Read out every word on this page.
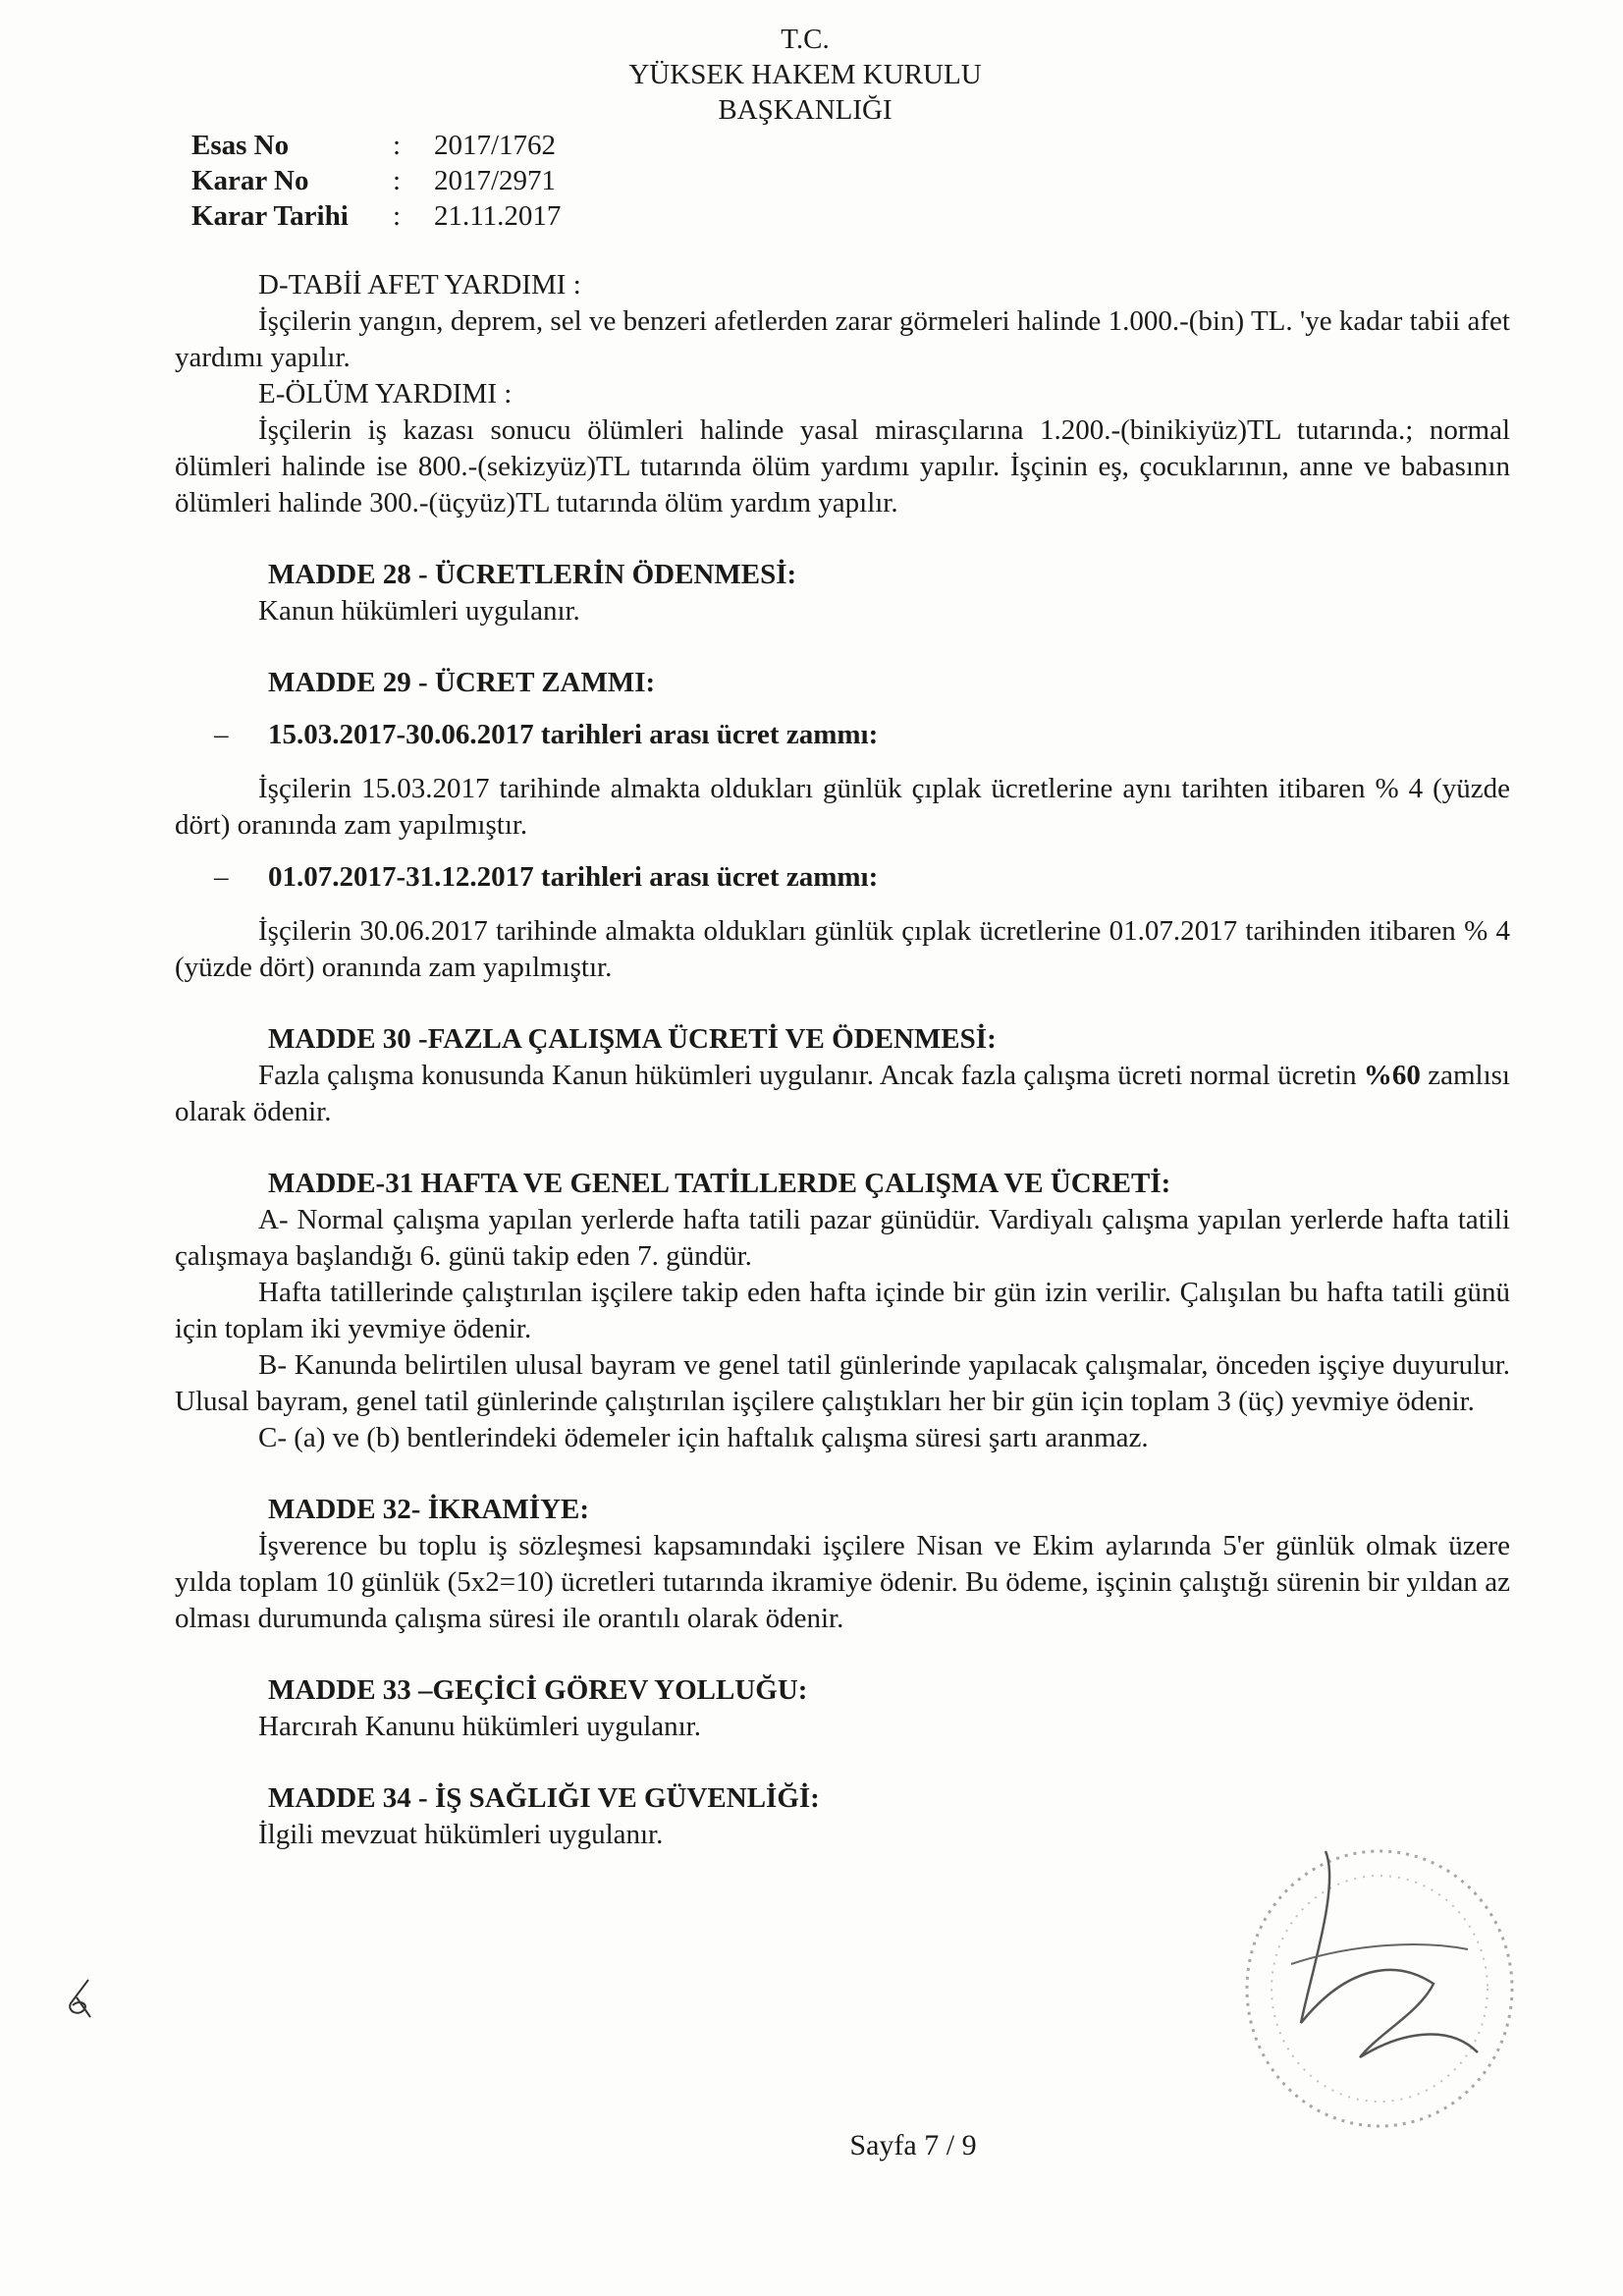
T.C.
YÜKSEK HAKEM KURULU
BAŞKANLIĞI
Esas No	:	2017/1762
Karar No	:	2017/2971
Karar Tarihi	:	21.11.2017

D-TABİİ AFET YARDIMI :

İşçilerin yangın, deprem, sel ve benzeri afetlerden zarar görmeleri halinde 1.000.-(bin) TL. 'ye kadar tabii afet yardımı yapılır.

E-ÖLÜM YARDIMI :

İşçilerin iş kazası sonucu ölümleri halinde yasal mirasçılarına 1.200.-(binikiyüz)TL tutarında.; normal ölümleri halinde ise 800.-(sekizyüz)TL tutarında ölüm yardımı yapılır. İşçinin eş, çocuklarının, anne ve babasının ölümleri halinde 300.-(üçyüz)TL tutarında ölüm yardım yapılır.

MADDE 28 - ÜCRETLERİN ÖDENMESİ:

Kanun hükümleri uygulanır.

MADDE 29 - ÜCRET ZAMMI:

–	15.03.2017-30.06.2017 tarihleri arası ücret zammı:

İşçilerin 15.03.2017 tarihinde almakta oldukları günlük çıplak ücretlerine aynı tarihten itibaren % 4 (yüzde dört) oranında zam yapılmıştır.

–	01.07.2017-31.12.2017 tarihleri arası ücret zammı:

İşçilerin 30.06.2017 tarihinde almakta oldukları günlük çıplak ücretlerine 01.07.2017 tarihinden itibaren % 4 (yüzde dört) oranında zam yapılmıştır.

MADDE 30 -FAZLA ÇALIŞMA ÜCRETİ VE ÖDENMESİ:

Fazla çalışma konusunda Kanun hükümleri uygulanır. Ancak fazla çalışma ücreti normal ücretin %60 zamlısı olarak ödenir.

MADDE-31 HAFTA VE GENEL TATİLLERDE ÇALIŞMA VE ÜCRETİ:

A- Normal çalışma yapılan yerlerde hafta tatili pazar günüdür. Vardiyalı çalışma yapılan yerlerde hafta tatili çalışmaya başlandığı 6. günü takip eden 7. gündür.

Hafta tatillerinde çalıştırılan işçilere takip eden hafta içinde bir gün izin verilir. Çalışılan bu hafta tatili günü için toplam iki yevmiye ödenir.

B- Kanunda belirtilen ulusal bayram ve genel tatil günlerinde yapılacak çalışmalar, önceden işçiye duyurulur. Ulusal bayram, genel tatil günlerinde çalıştırılan işçilere çalıştıkları her bir gün için toplam 3 (üç) yevmiye ödenir.

C- (a) ve (b) bentlerindeki ödemeler için haftalık çalışma süresi şartı aranmaz.

MADDE 32- İKRAMİYE:

İşverence bu toplu iş sözleşmesi kapsamındaki işçilere Nisan ve Ekim aylarında 5'er günlük olmak üzere yılda toplam 10 günlük (5x2=10) ücretleri tutarında ikramiye ödenir. Bu ödeme, işçinin çalıştığı sürenin bir yıldan az olması durumunda çalışma süresi ile orantılı olarak ödenir.

MADDE 33 –GEÇİCİ GÖREV YOLLUĞU:

Harcırah Kanunu hükümleri uygulanır.

MADDE 34 - İŞ SAĞLIĞI VE GÜVENLİĞİ:

İlgili mevzuat hükümleri uygulanır.

Sayfa 7 / 9
